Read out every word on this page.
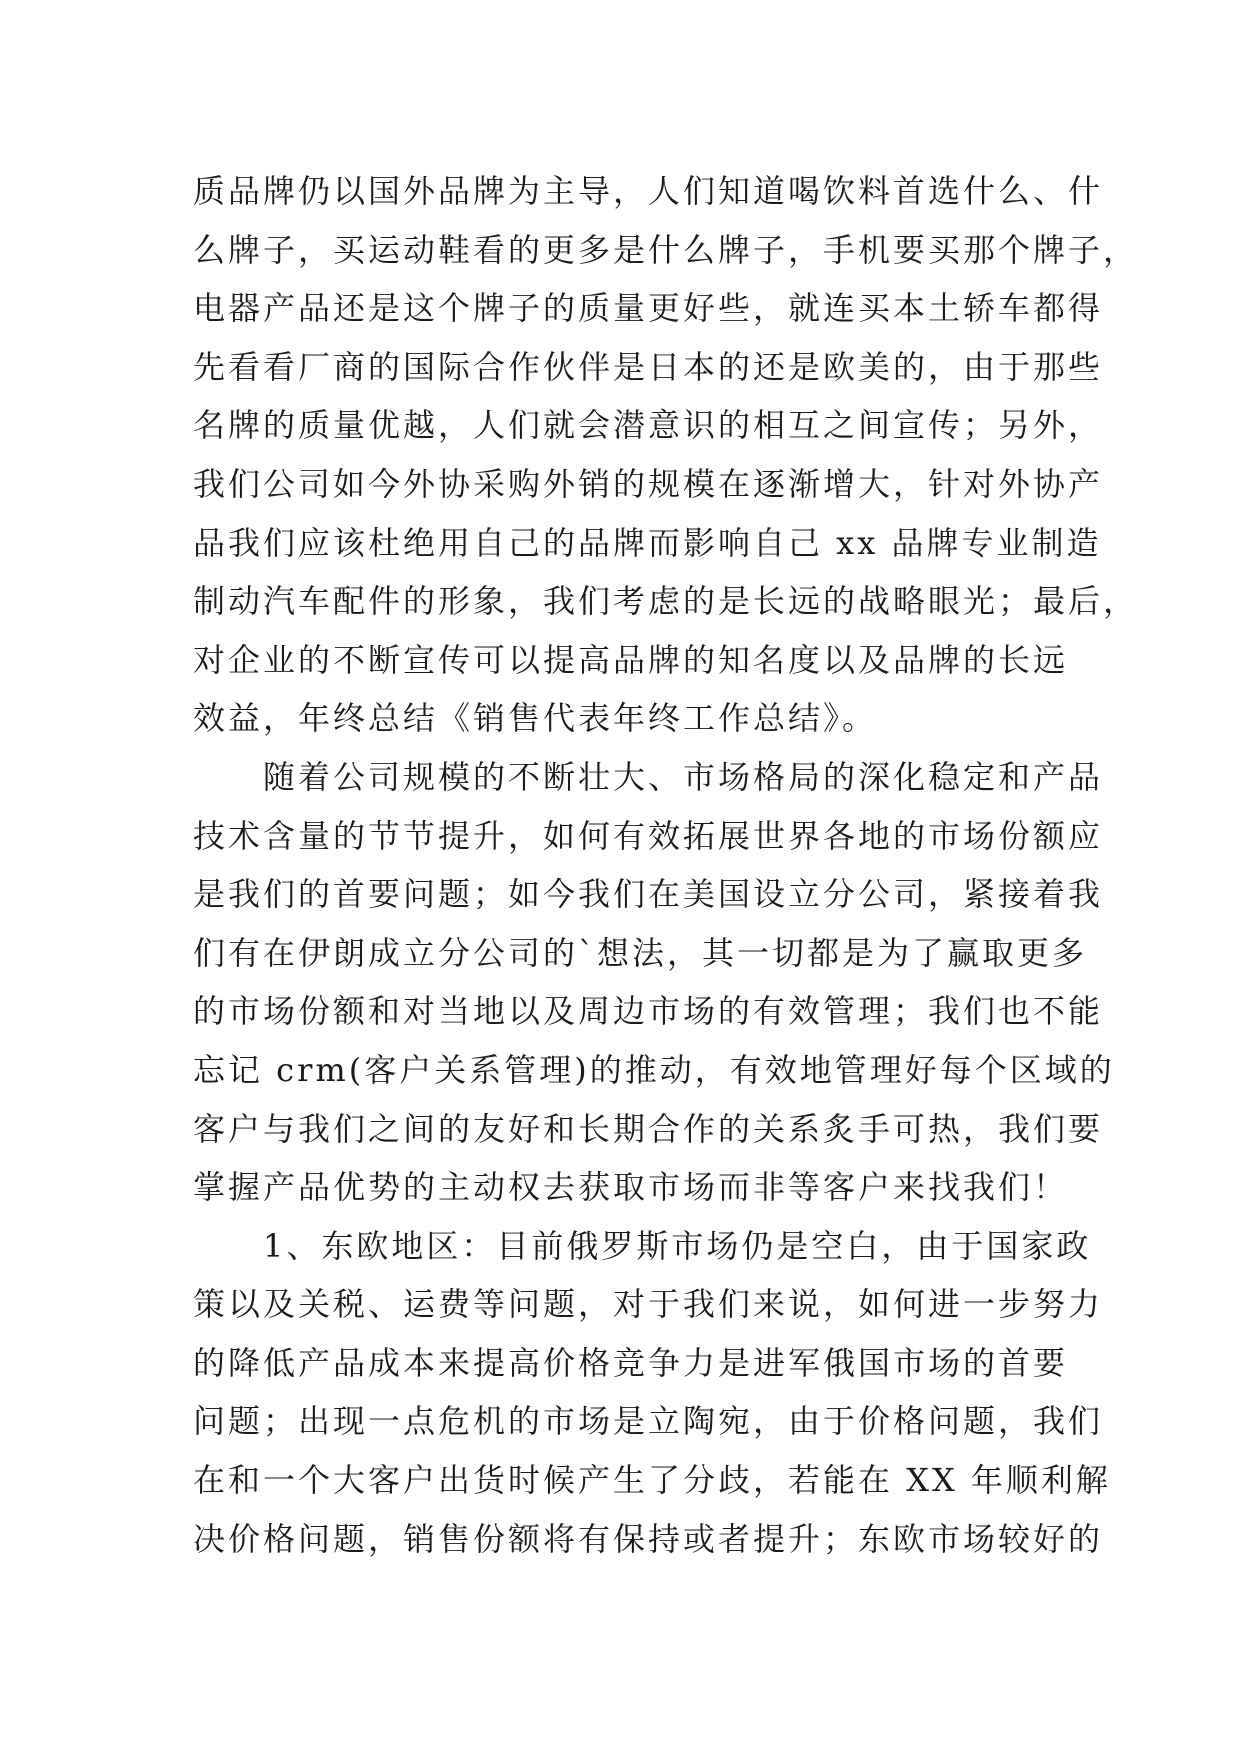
质品牌仍以国外品牌为主导，人们知道喝饮料首选什么、什
么牌子，买运动鞋看的更多是什么牌子，手机要买那个牌子，
电器产品还是这个牌子的质量更好些，就连买本土轿车都得
先看看厂商的国际合作伙伴是日本的还是欧美的，由于那些
名牌的质量优越，人们就会潜意识的相互之间宣传；另外，
我们公司如今外协采购外销的规模在逐渐增大，针对外协产
品我们应该杜绝用自己的品牌而影响自己 xx 品牌专业制造
制动汽车配件的形象，我们考虑的是长远的战略眼光；最后，
对企业的不断宣传可以提高品牌的知名度以及品牌的长远
效益，年终总结《销售代表年终工作总结》。
随着公司规模的不断壮大、市场格局的深化稳定和产品
技术含量的节节提升，如何有效拓展世界各地的市场份额应
是我们的首要问题；如今我们在美国设立分公司，紧接着我
们有在伊朗成立分公司的`想法，其一切都是为了赢取更多
的市场份额和对当地以及周边市场的有效管理；我们也不能
忘记 crm(客户关系管理)的推动，有效地管理好每个区域的
客户与我们之间的友好和长期合作的关系炙手可热，我们要
掌握产品优势的主动权去获取市场而非等客户来找我们！
1、东欧地区：目前俄罗斯市场仍是空白，由于国家政
策以及关税、运费等问题，对于我们来说，如何进一步努力
的降低产品成本来提高价格竞争力是进军俄国市场的首要
问题；出现一点危机的市场是立陶宛，由于价格问题，我们
在和一个大客户出货时候产生了分歧，若能在 XX 年顺利解
决价格问题，销售份额将有保持或者提升；东欧市场较好的
